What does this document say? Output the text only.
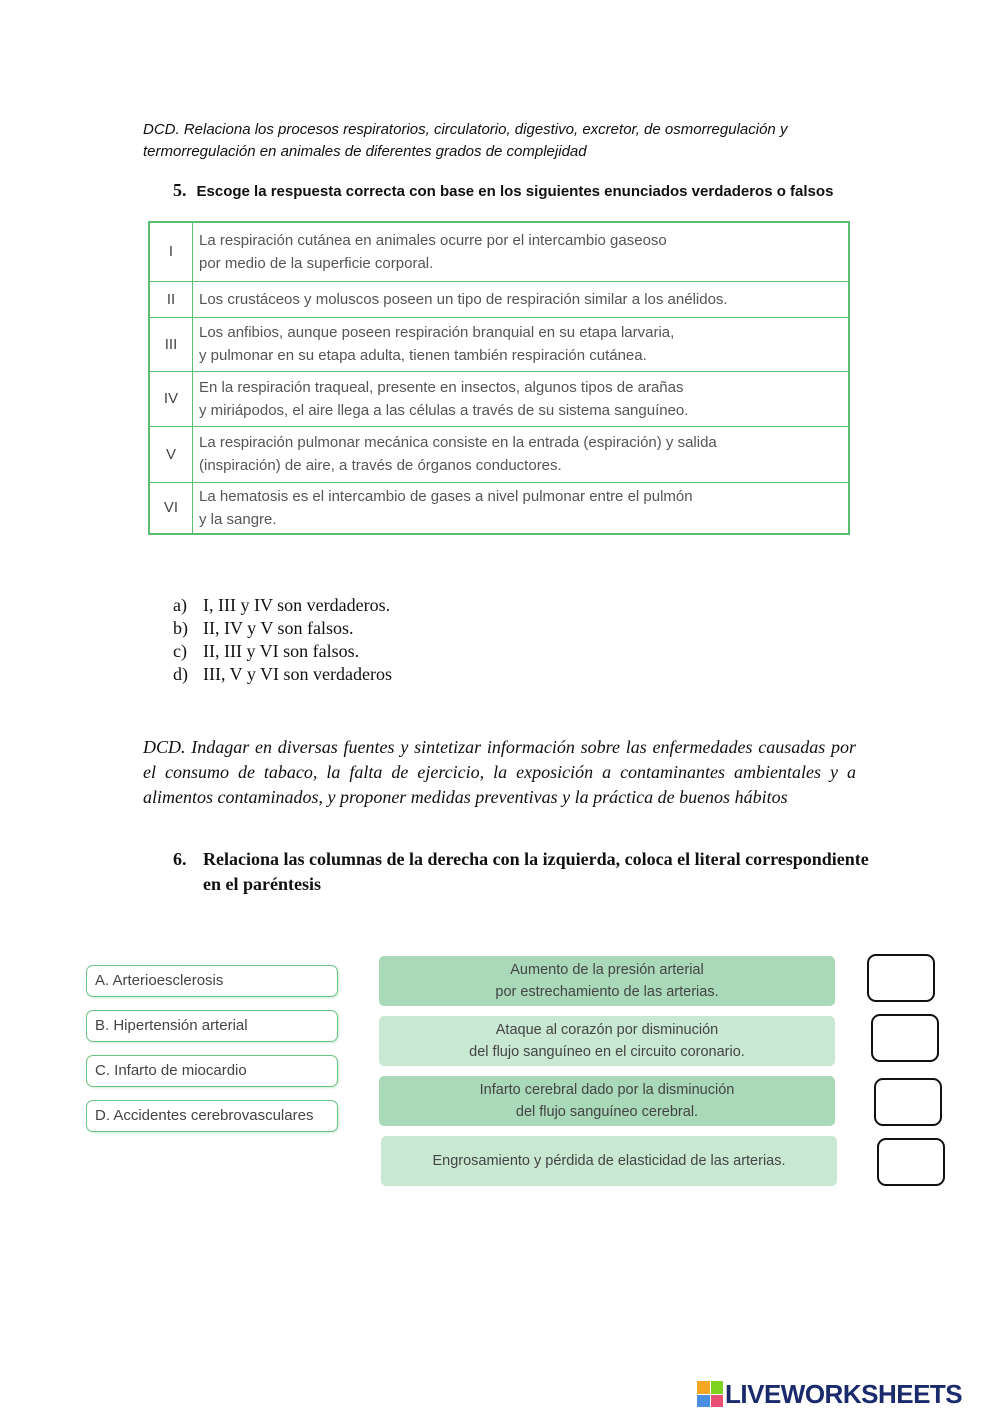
DCD. Relaciona los procesos respiratorios, circulatorio, digestivo, excretor, de osmorregulación y termorregulación en animales de diferentes grados de complejidad
5. Escoge la respuesta correcta con base en los siguientes enunciados verdaderos o falsos
I	La respiración cutánea en animales ocurre por el intercambio gaseoso
por medio de la superficie corporal.

II	Los crustáceos y moluscos poseen un tipo de respiración similar a los anélidos.

III	Los anfibios, aunque poseen respiración branquial en su etapa larvaria,
y pulmonar en su etapa adulta, tienen también respiración cutánea.

IV	En la respiración traqueal, presente en insectos, algunos tipos de arañas
y miriápodos, el aire llega a las células a través de su sistema sanguíneo.

V	La respiración pulmonar mecánica consiste en la entrada (espiración) y salida
(inspiración) de aire, a través de órganos conductores.

VI	La hematosis es el intercambio de gases a nivel pulmonar entre el pulmón
y la sangre.
a) I, III y IV son verdaderos.
b) II, IV y V son falsos.
c) II, III y VI son falsos.
d) III, V y VI son verdaderos
DCD. Indagar en diversas fuentes y sintetizar información sobre las enfermedades causadas por el consumo de tabaco, la falta de ejercicio, la exposición a contaminantes ambientales y a alimentos contaminados, y proponer medidas preventivas y la práctica de buenos hábitos
6. Relaciona las columnas de la derecha con la izquierda, coloca el literal correspondiente en el paréntesis
A. Arterioesclerosis
B. Hipertensión arterial
C. Infarto de miocardio
D. Accidentes cerebrovasculares
Aumento de la presión arterial
por estrechamiento de las arterias.
Ataque al corazón por disminución
del flujo sanguíneo en el circuito coronario.
Infarto cerebral dado por la disminución
del flujo sanguíneo cerebral.
Engrosamiento y pérdida de elasticidad de las arterias.
LIVEWORKSHEETS
